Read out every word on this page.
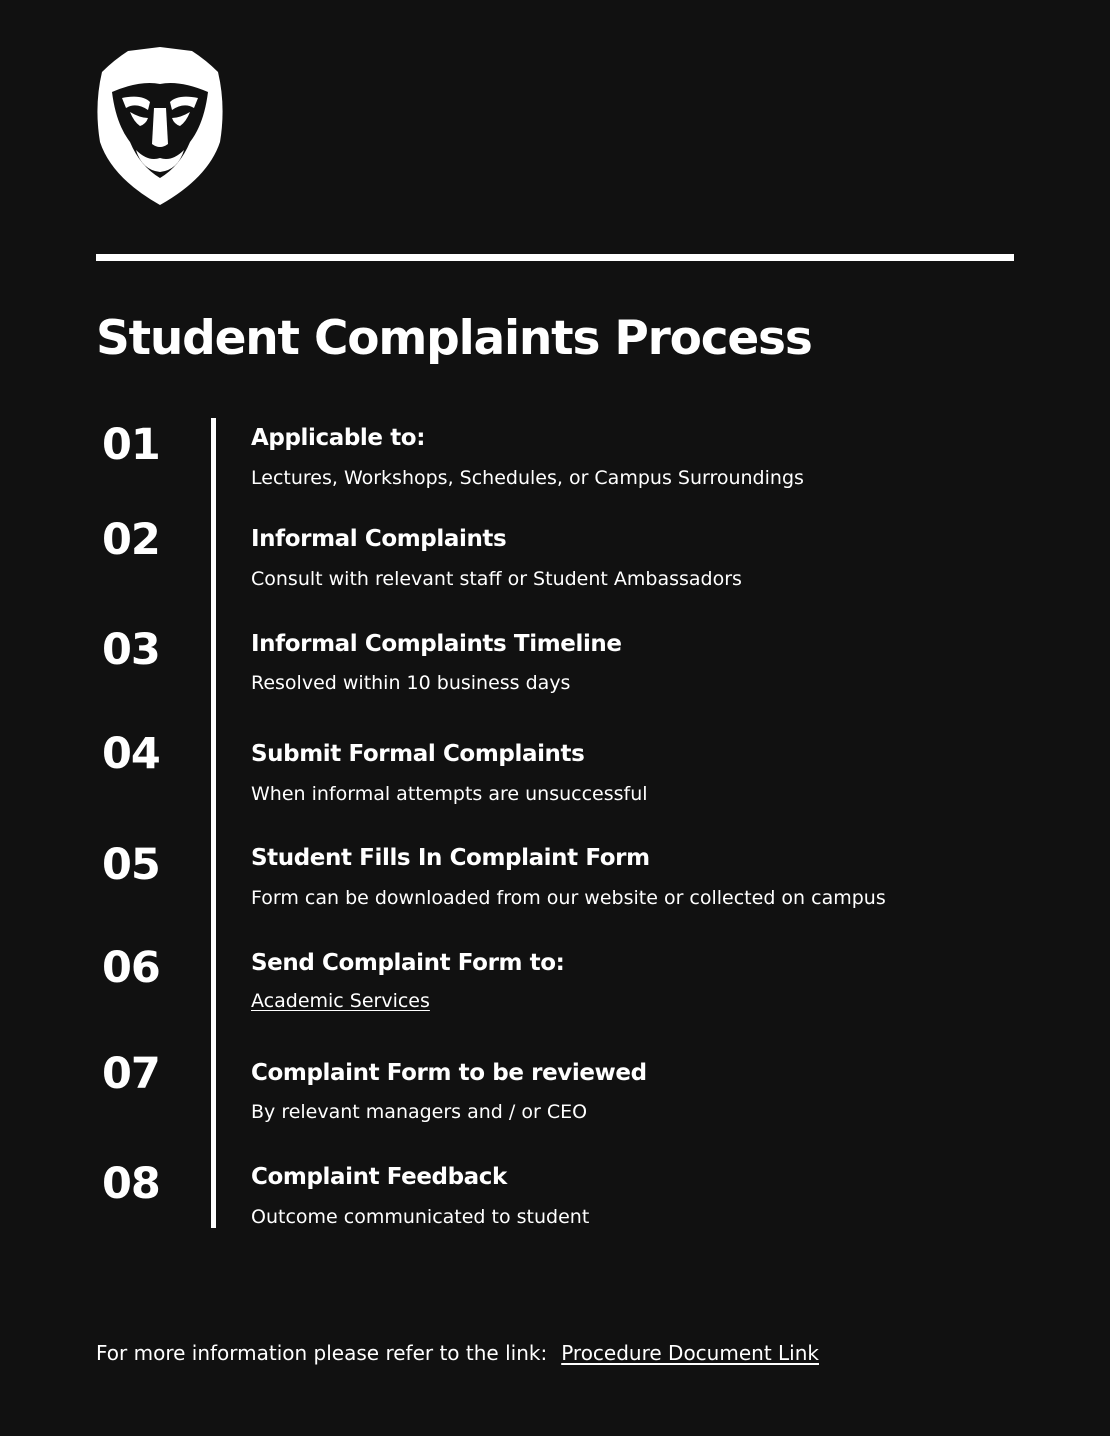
Student Complaints Process
01	Applicable to:
Lectures, Workshops, Schedules, or Campus Surroundings
02	Informal Complaints
Consult with relevant staff or Student Ambassadors
03	Informal Complaints Timeline
Resolved within 10 business days
04	Submit Formal Complaints
When informal attempts are unsuccessful
05	Student Fills In Complaint Form
Form can be downloaded from our website or collected on campus
06	Send Complaint Form to:
Academic Services
07	Complaint Form to be reviewed
By relevant managers and / or CEO
08	Complaint Feedback
Outcome communicated to student
For more information please refer to the link: Procedure Document Link
